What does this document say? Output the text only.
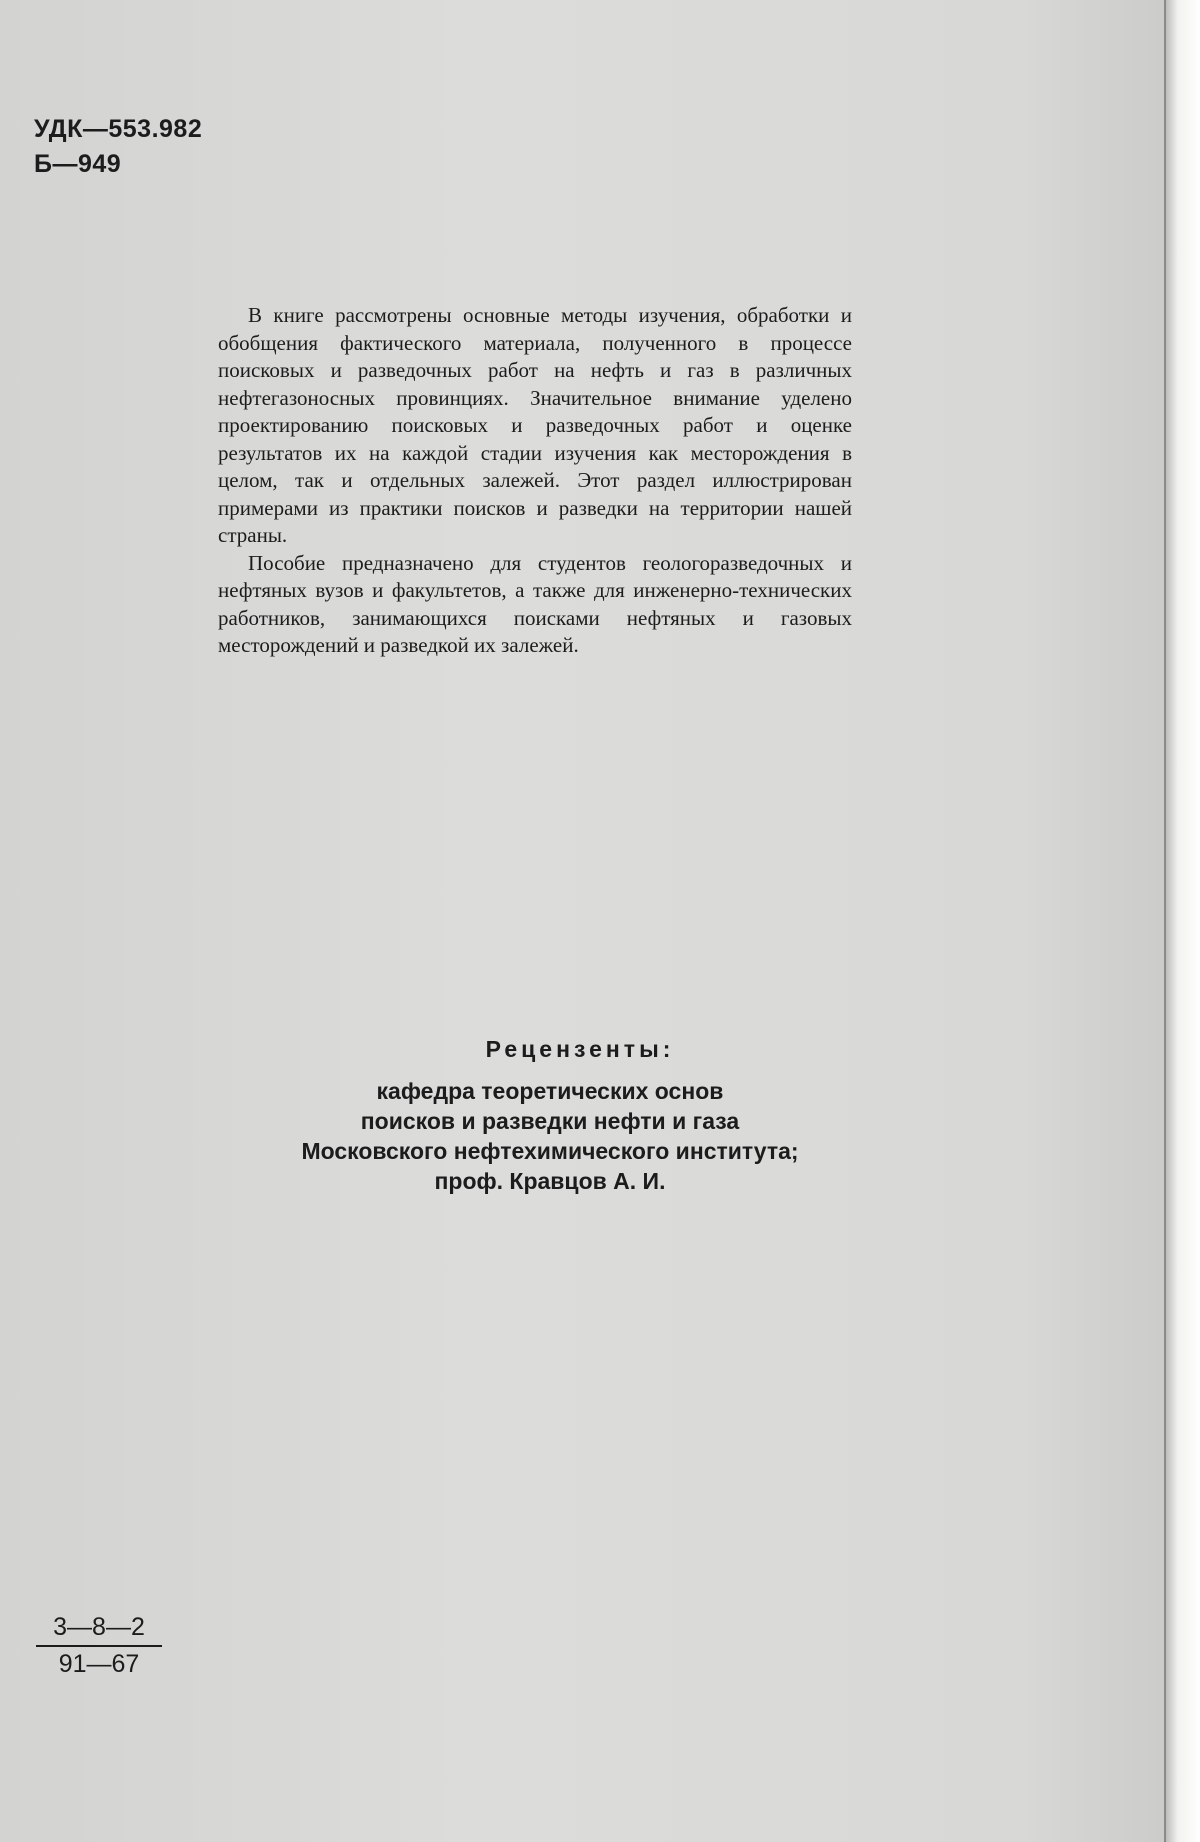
УДК—553.982
Б—949

В книге рассмотрены основные методы изучения, обработки и обобщения фактического материала, полученного в процессе поисковых и разведочных работ на нефть и газ в различных нефтегазоносных провинциях. Значительное внимание уделено проектированию поисковых и разведочных работ и оценке результатов их на каждой стадии изучения как месторождения в целом, так и отдельных залежей. Этот раздел иллюстрирован примерами из практики поисков и разведки на территории нашей страны.

Пособие предназначено для студентов геологоразведочных и нефтяных вузов и факультетов, а также для инженерно-технических работников, занимающихся поисками нефтяных и газовых месторождений и разведкой их залежей.

Рецензенты:
кафедра теоретических основ
поисков и разведки нефти и газа
Московского нефтехимического института;
проф. Кравцов А. И.
$\frac{3—8—2}{91—67}$
